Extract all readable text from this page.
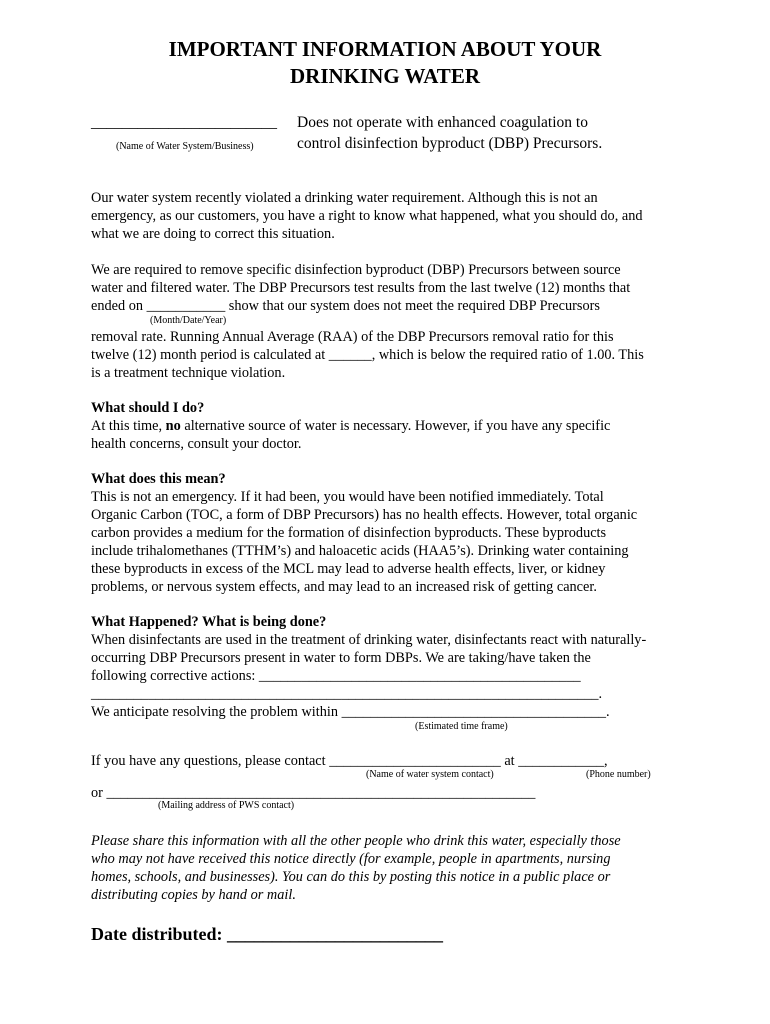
IMPORTANT INFORMATION ABOUT YOUR
DRINKING WATER
________________________ Does not operate with enhanced coagulation to
(Name of Water System/Business)	control disinfection byproduct (DBP) Precursors.
Our water system recently violated a drinking water requirement. Although this is not an
emergency, as our customers, you have a right to know what happened, what you should do, and
what we are doing to correct this situation.
We are required to remove specific disinfection byproduct (DBP) Precursors between source
water and filtered water. The DBP Precursors test results from the last twelve (12) months that
ended on ___________ show that our system does not meet the required DBP Precursors
(Month/Date/Year)
removal rate. Running Annual Average (RAA) of the DBP Precursors removal ratio for this
twelve (12) month period is calculated at ______, which is below the required ratio of 1.00. This
is a treatment technique violation.
What should I do?
At this time, no alternative source of water is necessary. However, if you have any specific
health concerns, consult your doctor.
What does this mean?
This is not an emergency. If it had been, you would have been notified immediately. Total
Organic Carbon (TOC, a form of DBP Precursors) has no health effects. However, total organic
carbon provides a medium for the formation of disinfection byproducts. These byproducts
include trihalomethanes (TTHM’s) and haloacetic acids (HAA5’s). Drinking water containing
these byproducts in excess of the MCL may lead to adverse health effects, liver, or kidney
problems, or nervous system effects, and may lead to an increased risk of getting cancer.
What Happened? What is being done?
When disinfectants are used in the treatment of drinking water, disinfectants react with naturally-
occurring DBP Precursors present in water to form DBPs. We are taking/have taken the
following corrective actions: _____________________________________________
_______________________________________________________________________.
We anticipate resolving the problem within _____________________________________.
(Estimated time frame)
If you have any questions, please contact ________________________ at ____________,
(Name of water system contact)	(Phone number)
or ____________________________________________________________
(Mailing address of PWS contact)
Please share this information with all the other people who drink this water, especially those
who may not have received this notice directly (for example, people in apartments, nursing
homes, schools, and businesses). You can do this by posting this notice in a public place or
distributing copies by hand or mail.
Date distributed: ________________________
